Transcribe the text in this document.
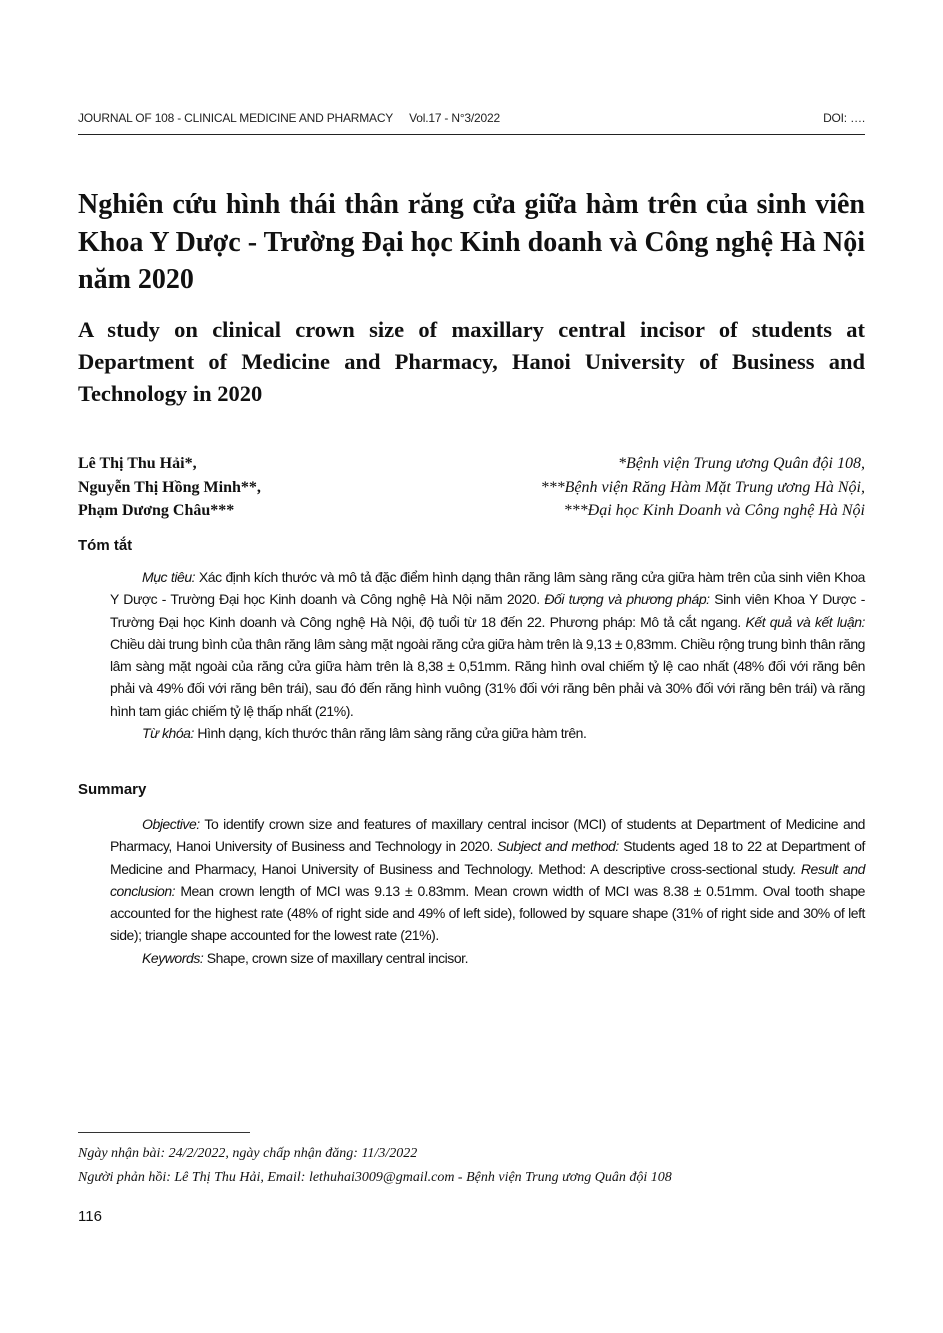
JOURNAL OF 108 - CLINICAL MEDICINE AND PHARMACY Vol.17 - N°3/2022	DOI: ….
Nghiên cứu hình thái thân răng cửa giữa hàm trên của sinh viên Khoa Y Dược - Trường Đại học Kinh doanh và Công nghệ Hà Nội năm 2020
A study on clinical crown size of maxillary central incisor of students at Department of Medicine and Pharmacy, Hanoi University of Business and Technology in 2020
Lê Thị Thu Hải*,
Nguyễn Thị Hồng Minh**,
Phạm Dương Châu***
*Bệnh viện Trung ương Quân đội 108,
***Bệnh viện Răng Hàm Mặt Trung ương Hà Nội,
***Đại học Kinh Doanh và Công nghệ Hà Nội
Tóm tắt

Mục tiêu: Xác định kích thước và mô tả đặc điểm hình dạng thân răng lâm sàng răng cửa giữa hàm trên của sinh viên Khoa Y Dược - Trường Đại học Kinh doanh và Công nghệ Hà Nội năm 2020. Đối tượng và phương pháp: Sinh viên Khoa Y Dược - Trường Đại học Kinh doanh và Công nghệ Hà Nội, độ tuổi từ 18 đến 22. Phương pháp: Mô tả cắt ngang. Kết quả và kết luận: Chiều dài trung bình của thân răng lâm sàng mặt ngoài răng cửa giữa hàm trên là 9,13 ± 0,83mm. Chiều rộng trung bình thân răng lâm sàng mặt ngoài của răng cửa giữa hàm trên là 8,38 ± 0,51mm. Răng hình oval chiếm tỷ lệ cao nhất (48% đối với răng bên phải và 49% đối với răng bên trái), sau đó đến răng hình vuông (31% đối với răng bên phải và 30% đối với răng bên trái) và răng hình tam giác chiếm tỷ lệ thấp nhất (21%).

Từ khóa: Hình dạng, kích thước thân răng lâm sàng răng cửa giữa hàm trên.

Summary

Objective: To identify crown size and features of maxillary central incisor (MCI) of students at Department of Medicine and Pharmacy, Hanoi University of Business and Technology in 2020. Subject and method: Students aged 18 to 22 at Department of Medicine and Pharmacy, Hanoi University of Business and Technology. Method: A descriptive cross-sectional study. Result and conclusion: Mean crown length of MCI was 9.13 ± 0.83mm. Mean crown width of MCI was 8.38 ± 0.51mm. Oval tooth shape accounted for the highest rate (48% of right side and 49% of left side), followed by square shape (31% of right side and 30% of left side); triangle shape accounted for the lowest rate (21%).

Keywords: Shape, crown size of maxillary central incisor.

Ngày nhận bài: 24/2/2022, ngày chấp nhận đăng: 11/3/2022
Người phản hồi: Lê Thị Thu Hải, Email: lethuhai3009@gmail.com - Bệnh viện Trung ương Quân đội 108
116
